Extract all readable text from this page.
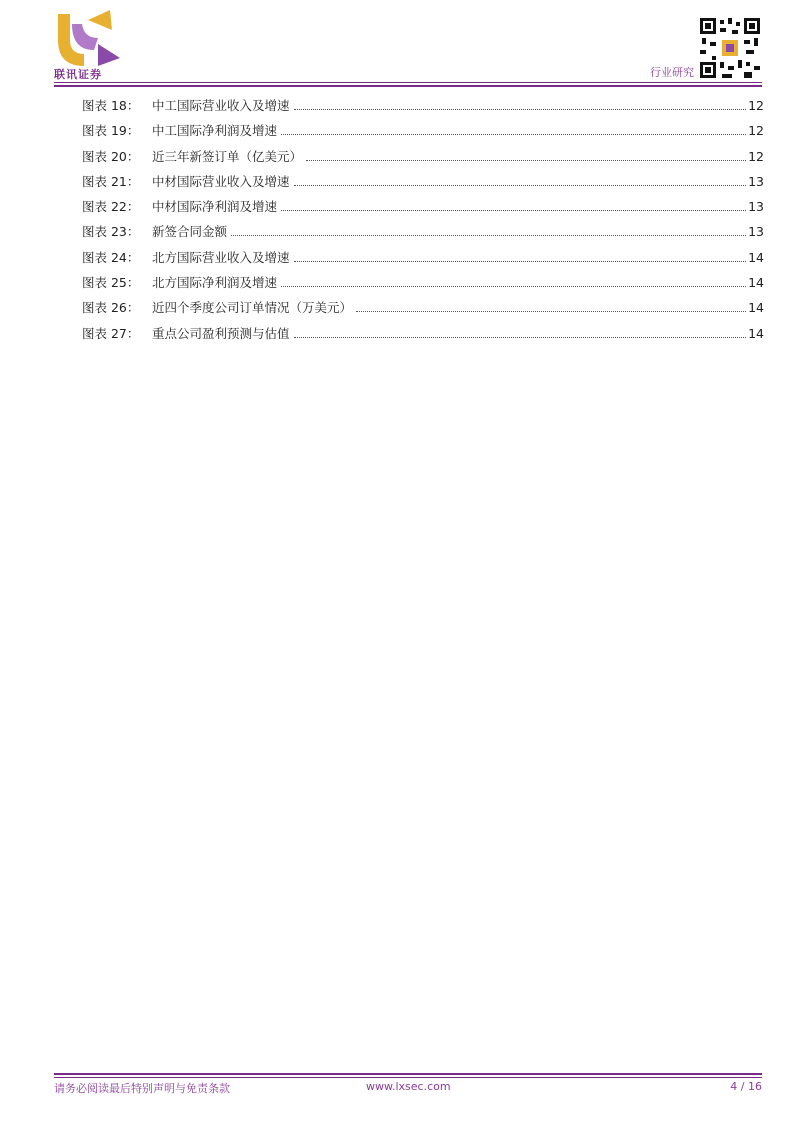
联讯证券	行业研究
图表 18：	中工国际营业收入及增速	12
图表 19：	中工国际净利润及增速	12
图表 20：	近三年新签订单（亿美元）	12
图表 21：	中材国际营业收入及增速	13
图表 22：	中材国际净利润及增速	13
图表 23：	新签合同金额	13
图表 24：	北方国际营业收入及增速	14
图表 25：	北方国际净利润及增速	14
图表 26：	近四个季度公司订单情况（万美元）	14
图表 27：	重点公司盈利预测与估值	14
请务必阅读最后特别声明与免责条款	www.lxsec.com	4 / 16
